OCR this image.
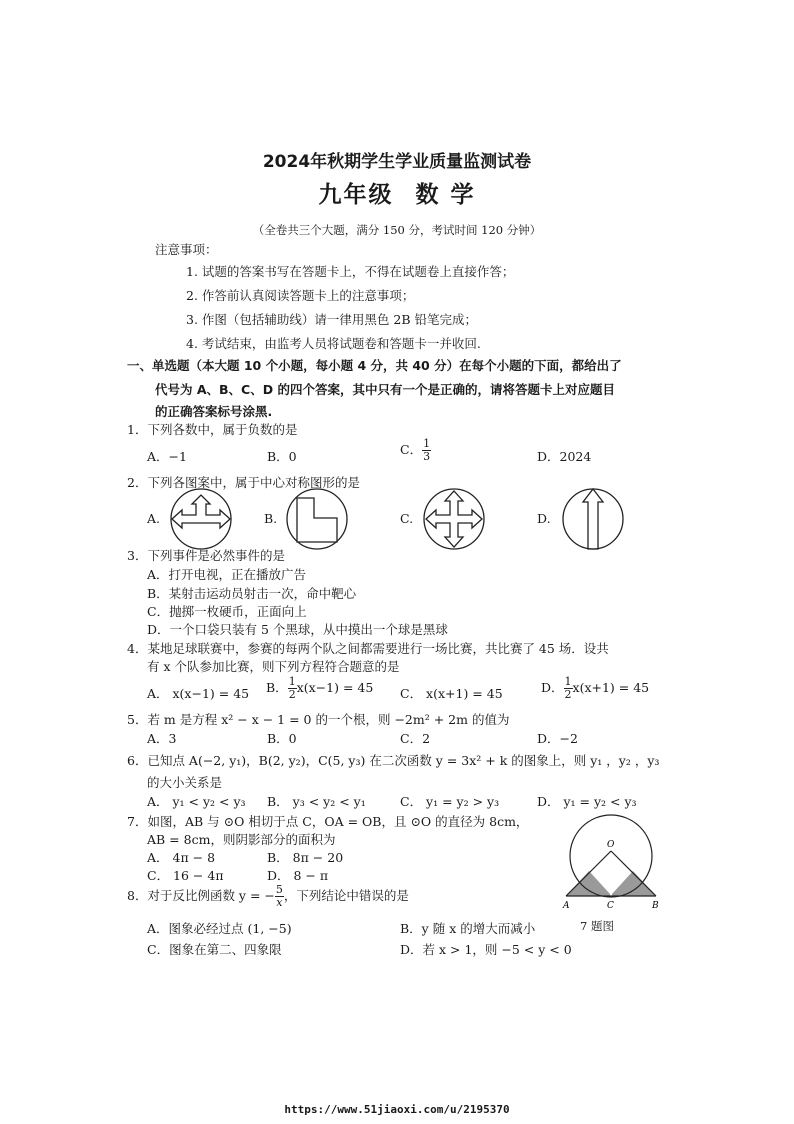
2024年秋期学生学业质量监测试卷
九年级 数 学
（全卷共三个大题，满分 150 分，考试时间 120 分钟）
注意事项：
1. 试题的答案书写在答题卡上，不得在试题卷上直接作答；
2. 作答前认真阅读答题卡上的注意事项；
3. 作图（包括辅助线）请一律用黑色 2B 铅笔完成；
4. 考试结束，由监考人员将试题卷和答题卡一并收回.
一、单选题（本大题 10 个小题，每小题 4 分，共 40 分）在每个小题的下面，都给出了
代号为 A、B、C、D 的四个答案，其中只有一个是正确的，请将答题卡上对应题目
的正确答案标号涂黑.
1．下列各数中，属于负数的是
A．−1	B．0	C． $\frac{1}{3}$	D．2024
2．下列各图案中，属于中心对称图形的是
A.	B.	C.	D.
3．下列事件是必然事件的是
A．打开电视，正在播放广告
B．某射击运动员射击一次，命中靶心
C．抛掷一枚硬币，正面向上
D．一个口袋只装有 5 个黑球，从中摸出一个球是黑球
4．某地足球联赛中，参赛的每两个队之间都需要进行一场比赛，共比赛了 45 场．设共
有 x 个队参加比赛，则下列方程符合题意的是
A． x(x−1) = 45 B． $\frac{1}{2} x(x-1) = 45$ C． x(x+1) = 45	D． $\frac{1}{2} x(x+1) = 45$
5．若 m 是方程 x² − x − 1 = 0 的一个根，则 −2m² + 2m 的值为
A．3	B．0	C．2	D．−2
6．已知点 A(−2, y₁)，B(2, y₂)，C(5, y₃) 在二次函数 y = 3x² + k 的图象上，则 y₁ ，y₂ ，y₃
的大小关系是
A． y₁ < y₂ < y₃ B． y₃ < y₂ < y₁	C． y₁ = y₂ > y₃	D． y₁ = y₂ < y₃
7．如图，AB 与 ⊙O 相切于点 C，OA = OB，且 ⊙O 的直径为 8cm，
AB = 8cm，则阴影部分的面积为
A． 4π − 8	B． 8π − 20
C． 16 − 4π	D． 8 − π
O
A	C	B
7 题图
8．对于反比例函数 y = − $\frac{5}{x}$ ，下列结论中错误的是
A．图象必经过点 (1, −5)	B．y 随 x 的增大而减小
C．图象在第二、四象限	D．若 x > 1，则 −5 < y < 0
https://www.51jiaoxi.com/u/2195370
